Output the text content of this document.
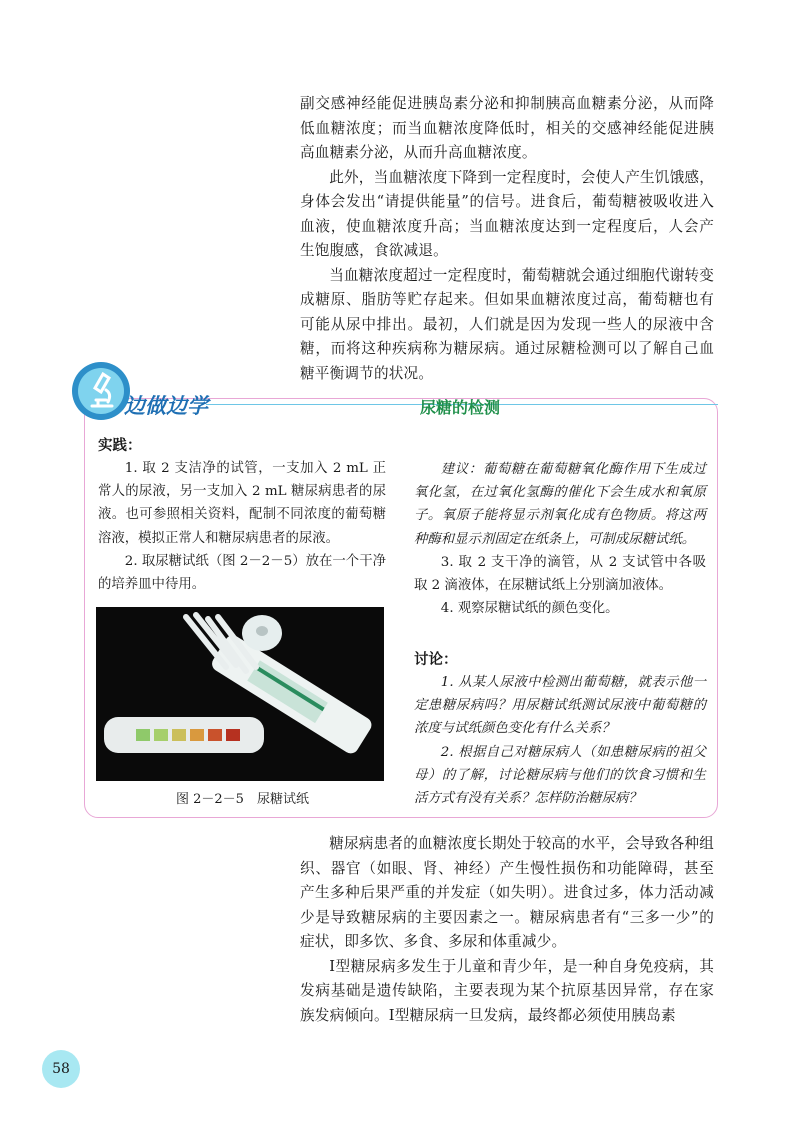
副交感神经能促进胰岛素分泌和抑制胰高血糖素分泌，从而降低血糖浓度；而当血糖浓度降低时，相关的交感神经能促进胰高血糖素分泌，从而升高血糖浓度。

此外，当血糖浓度下降到一定程度时，会使人产生饥饿感，身体会发出“请提供能量”的信号。进食后，葡萄糖被吸收进入血液，使血糖浓度升高；当血糖浓度达到一定程度后，人会产生饱腹感，食欲减退。

当血糖浓度超过一定程度时，葡萄糖就会通过细胞代谢转变成糖原、脂肪等贮存起来。但如果血糖浓度过高，葡萄糖也有可能从尿中排出。最初，人们就是因为发现一些人的尿液中含糖，而将这种疾病称为糖尿病。通过尿糖检测可以了解自己血糖平衡调节的状况。

边做边学	尿糖的检测
实践：

1. 取 2 支洁净的试管，一支加入 2 mL 正常人的尿液，另一支加入 2 mL 糖尿病患者的尿液。也可参照相关资料，配制不同浓度的葡萄糖溶液，模拟正常人和糖尿病患者的尿液。

2. 取尿糖试纸（图 2－2－5）放在一个干净的培养皿中待用。

图 2－2－5　尿糖试纸

建议：葡萄糖在葡萄糖氧化酶作用下生成过氧化氢，在过氧化氢酶的催化下会生成水和氧原子。氧原子能将显示剂氧化成有色物质。将这两种酶和显示剂固定在纸条上，可制成尿糖试纸。

3. 取 2 支干净的滴管，从 2 支试管中各吸取 2 滴液体，在尿糖试纸上分别滴加液体。

4. 观察尿糖试纸的颜色变化。

讨论：

1. 从某人尿液中检测出葡萄糖，就表示他一定患糖尿病吗？用尿糖试纸测试尿液中葡萄糖的浓度与试纸颜色变化有什么关系？

2. 根据自己对糖尿病人（如患糖尿病的祖父母）的了解，讨论糖尿病与他们的饮食习惯和生活方式有没有关系？怎样防治糖尿病？

糖尿病患者的血糖浓度长期处于较高的水平，会导致各种组织、器官（如眼、肾、神经）产生慢性损伤和功能障碍，甚至产生多种后果严重的并发症（如失明）。进食过多，体力活动减少是导致糖尿病的主要因素之一。糖尿病患者有“三多一少”的症状，即多饮、多食、多尿和体重减少。

Ⅰ型糖尿病多发生于儿童和青少年，是一种自身免疫病，其发病基础是遗传缺陷，主要表现为某个抗原基因异常，存在家族发病倾向。Ⅰ型糖尿病一旦发病，最终都必须使用胰岛素

58
